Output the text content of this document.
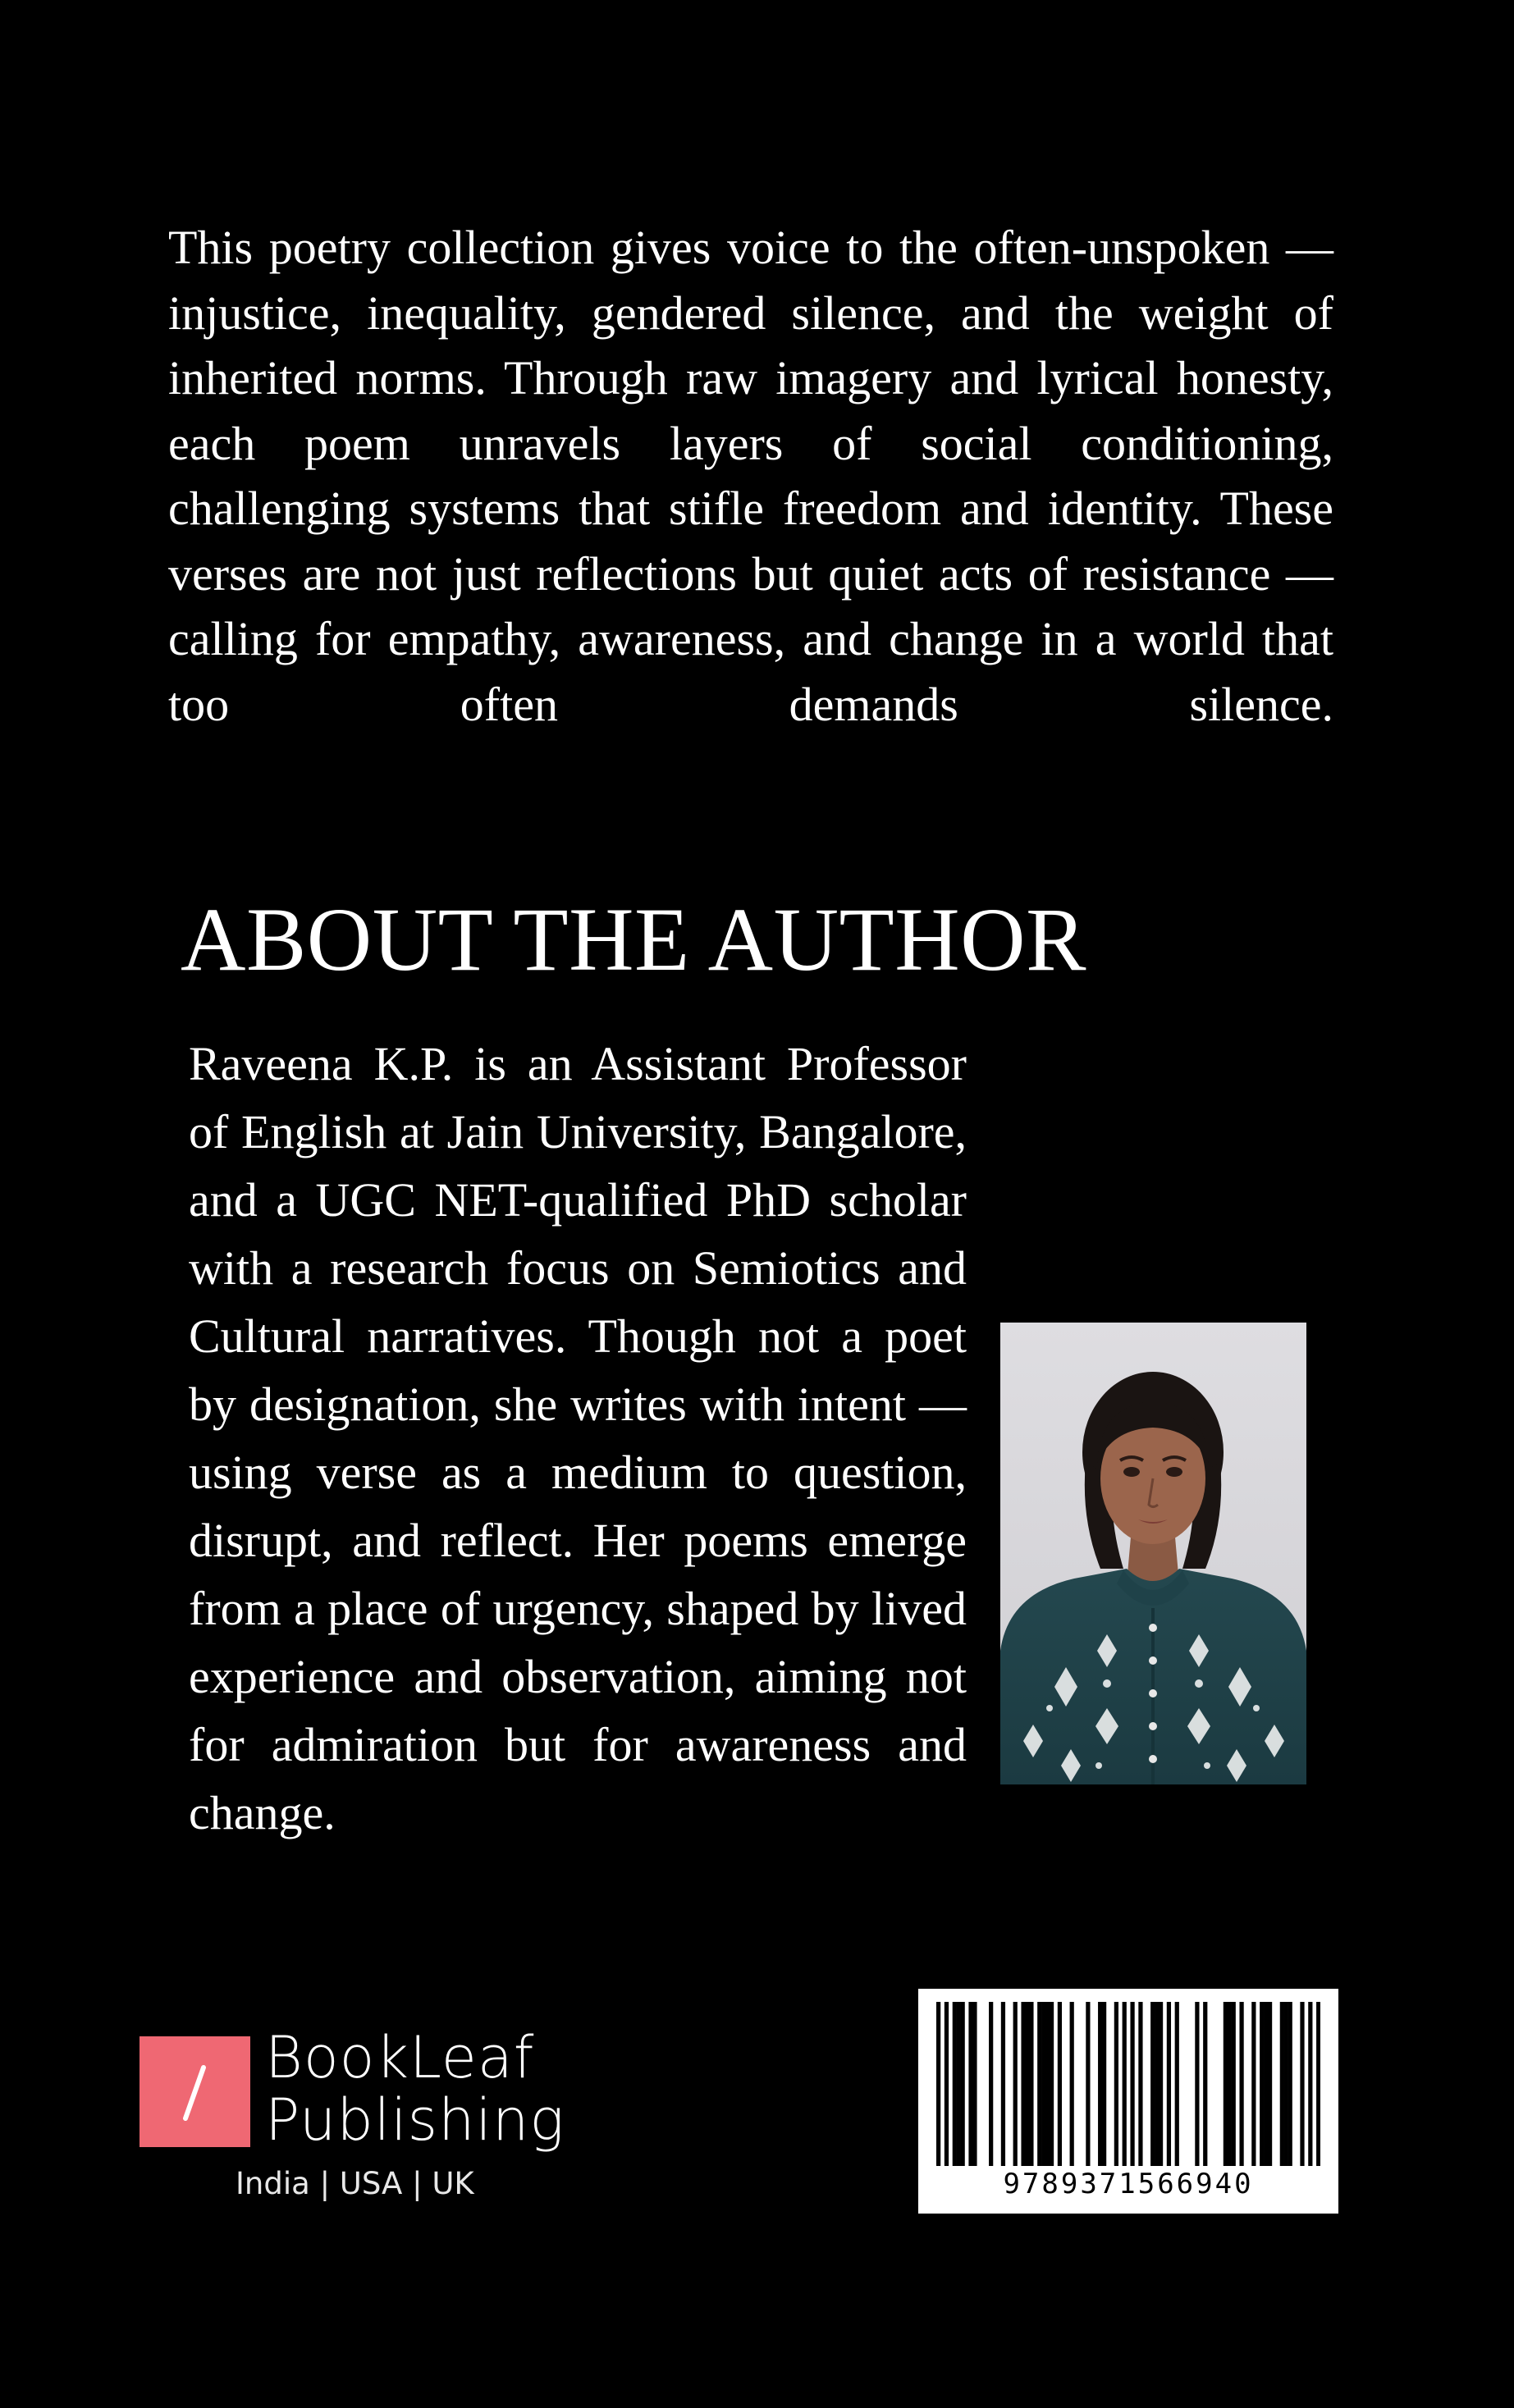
This poetry collection gives voice to the often-unspoken — injustice, inequality, gendered silence, and the weight of inherited norms. Through raw imagery and lyrical honesty, each poem unravels layers of social conditioning, challenging systems that stifle freedom and identity. These verses are not just reflections but quiet acts of resistance — calling for empathy, awareness, and change in a world that too often demands silence.

ABOUT THE AUTHOR

Raveena K.P. is an Assistant Professor of English at Jain University, Bangalore, and a UGC NET-qualified PhD scholar with a research focus on Semiotics and Cultural narratives. Though not a poet by designation, she writes with intent — using verse as a medium to question, disrupt, and reflect. Her poems emerge from a place of urgency, shaped by lived experience and observation, aiming not for admiration but for awareness and change.

BookLeaf
Publishing
India | USA | UK	9789371566940
